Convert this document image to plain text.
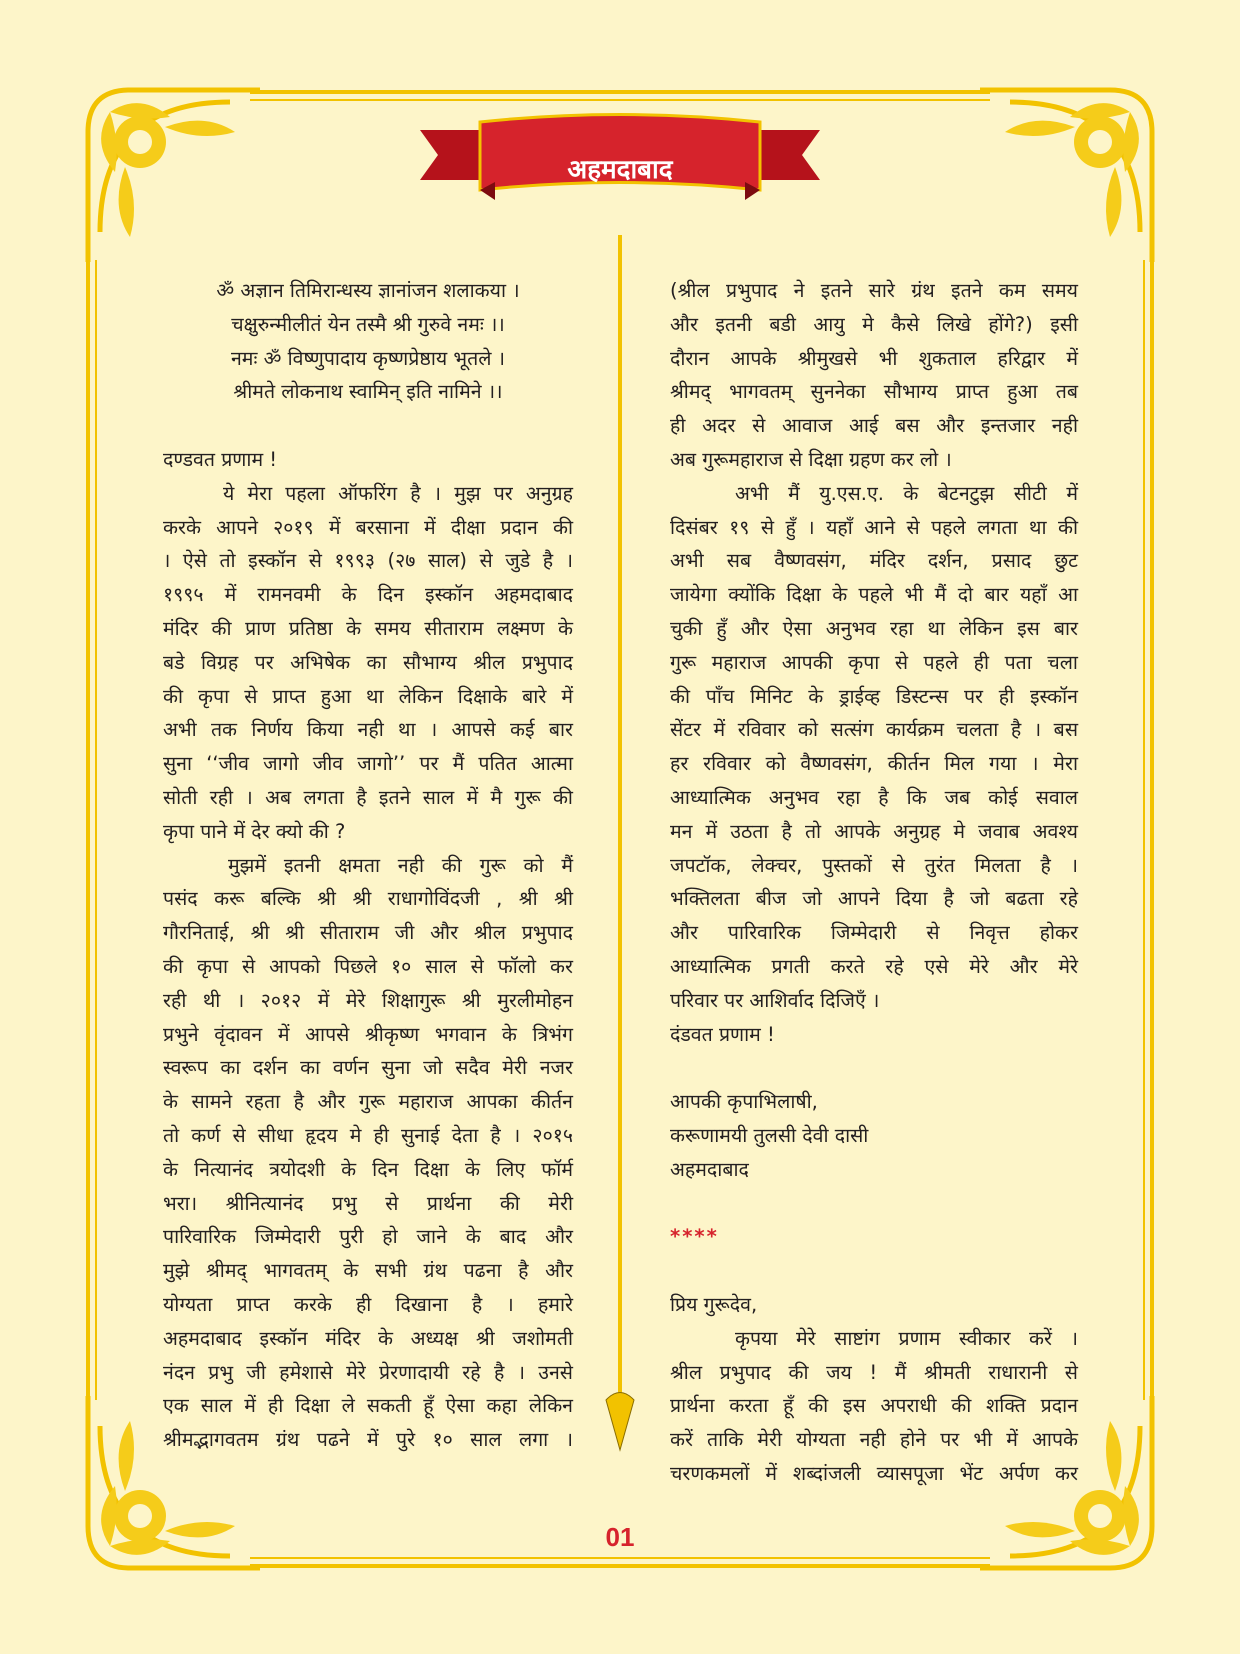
अहमदाबाद
ॐ अज्ञान तिमिरान्धस्य ज्ञानांजन शलाकया ।
चक्षुरुन्मीलीतं येन तस्मै श्री गुरुवे नमः ।।
नमः ॐ विष्णुपादाय कृष्णप्रेष्ठाय भूतले ।
श्रीमते लोकनाथ स्वामिन् इति नामिने ।।
दण्डवत प्रणाम !
ये मेरा पहला ऑफरिंग है । मुझ पर अनुग्रह
करके आपने २०१९ में बरसाना में दीक्षा प्रदान की
। ऐसे तो इस्कॉन से १९९३ (२७ साल) से जुडे है ।
१९९५ में रामनवमी के दिन इस्कॉन अहमदाबाद
मंदिर की प्राण प्रतिष्ठा के समय सीताराम लक्ष्मण के
बडे विग्रह पर अभिषेक का सौभाग्य श्रील प्रभुपाद
की कृपा से प्राप्त हुआ था लेकिन दिक्षाके बारे में
अभी तक निर्णय किया नही था । आपसे कई बार
सुना ‘‘जीव जागो जीव जागो’’ पर मैं पतित आत्मा
सोती रही । अब लगता है इतने साल में मै गुरू की
कृपा पाने में देर क्यो की ?
मुझमें इतनी क्षमता नही की गुरू को मैं
पसंद करू बल्कि श्री श्री राधागोविंदजी , श्री श्री
गौरनिताई, श्री श्री सीताराम जी और श्रील प्रभुपाद
की कृपा से आपको पिछले १० साल से फॉलो कर
रही थी । २०१२ में मेरे शिक्षागुरू श्री मुरलीमोहन
प्रभुने वृंदावन में आपसे श्रीकृष्ण भगवान के त्रिभंग
स्वरूप का दर्शन का वर्णन सुना जो सदैव मेरी नजर
के सामने रहता है और गुरू महाराज आपका कीर्तन
तो कर्ण से सीधा हृदय मे ही सुनाई देता है । २०१५
के नित्यानंद त्रयोदशी के दिन दिक्षा के लिए फॉर्म
भरा। श्रीनित्यानंद प्रभु से प्रार्थना की मेरी
पारिवारिक जिम्मेदारी पुरी हो जाने के बाद और
मुझे श्रीमद् भागवतम् के सभी ग्रंथ पढना है और
योग्यता प्राप्त करके ही दिखाना है । हमारे
अहमदाबाद इस्कॉन मंदिर के अध्यक्ष श्री जशोमती
नंदन प्रभु जी हमेशासे मेरे प्रेरणादायी रहे है । उनसे
एक साल में ही दिक्षा ले सकती हूँ ऐसा कहा लेकिन
श्रीमद्भागवतम ग्रंथ पढने में पुरे १० साल लगा ।
(श्रील प्रभुपाद ने इतने सारे ग्रंथ इतने कम समय
और इतनी बडी आयु मे कैसे लिखे होंगे?) इसी
दौरान आपके श्रीमुखसे भी शुकताल हरिद्वार में
श्रीमद् भागवतम् सुननेका सौभाग्य प्राप्त हुआ तब
ही अदर से आवाज आई बस और इन्तजार नही
अब गुरूमहाराज से दिक्षा ग्रहण कर लो ।
अभी मैं यु.एस.ए. के बेटनटुझ सीटी में
दिसंबर १९ से हुँ । यहाँ आने से पहले लगता था की
अभी सब वैष्णवसंग, मंदिर दर्शन, प्रसाद छुट
जायेगा क्योंकि दिक्षा के पहले भी मैं दो बार यहाँ आ
चुकी हुँ और ऐसा अनुभव रहा था लेकिन इस बार
गुरू महाराज आपकी कृपा से पहले ही पता चला
की पाँच मिनिट के ड्राईव्ह डिस्टन्स पर ही इस्कॉन
सेंटर में रविवार को सत्संग कार्यक्रम चलता है । बस
हर रविवार को वैष्णवसंग, कीर्तन मिल गया । मेरा
आध्यात्मिक अनुभव रहा है कि जब कोई सवाल
मन में उठता है तो आपके अनुग्रह मे जवाब अवश्य
जपटॉक, लेक्चर, पुस्तकों से तुरंत मिलता है ।
भक्तिलता बीज जो आपने दिया है जो बढता रहे
और पारिवारिक जिम्मेदारी से निवृत्त होकर
आध्यात्मिक प्रगती करते रहे एसे मेरे और मेरे
परिवार पर आशिर्वाद दिजिएँ ।
दंडवत प्रणाम !
आपकी कृपाभिलाषी,
करूणामयी तुलसी देवी दासी
अहमदाबाद
****
प्रिय गुरूदेव,
कृपया मेरे साष्टांग प्रणाम स्वीकार करें ।
श्रील प्रभुपाद की जय ! मैं श्रीमती राधारानी से
प्रार्थना करता हूँ की इस अपराधी की शक्ति प्रदान
करें ताकि मेरी योग्यता नही होने पर भी में आपके
चरणकमलों में शब्दांजली व्यासपूजा भेंट अर्पण कर
01
